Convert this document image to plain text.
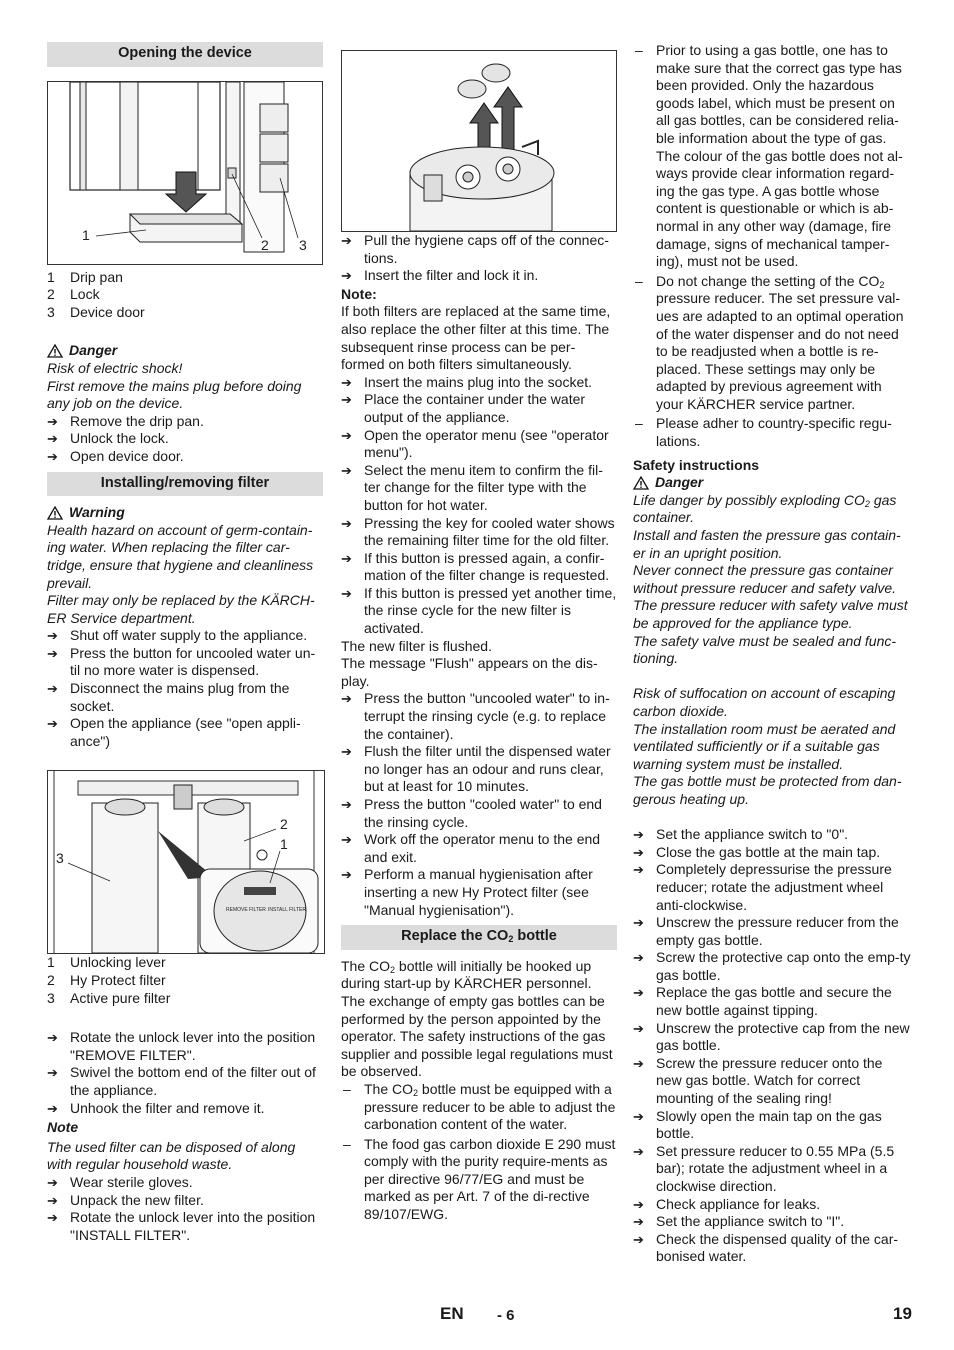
Opening the device
1
2 3
1	Drip pan
2	Lock
3	Device door
Danger
Risk of electric shock!
First remove the mains plug before doing any job on the device.
➔ Remove the drip pan.
➔ Unlock the lock.
➔ Open device door.
Installing/removing filter
Warning
Health hazard on account of germ-contain-ing water. When replacing the filter car-tridge, ensure that hygiene and cleanliness prevail.
Filter may only be replaced by the KÄRCH-ER Service department.
➔ Shut off water supply to the appliance.
➔ Press the button for uncooled water un-til no more water is dispensed.
➔ Disconnect the mains plug from the socket.
➔ Open the appliance (see "open appli-ance")
REMOVE FILTER INSTALL FILTER
3
2
1
1	Unlocking lever
2	Hy Protect filter
3	Active pure filter
➔ Rotate the unlock lever into the position "REMOVE FILTER".
➔ Swivel the bottom end of the filter out of the appliance.
➔ Unhook the filter and remove it.
Note
The used filter can be disposed of along with regular household waste.
➔ Wear sterile gloves.
➔ Unpack the new filter.
➔ Rotate the unlock lever into the position "INSTALL FILTER".
➔ Pull the hygiene caps off of the connec-tions.
➔ Insert the filter and lock it in.
Note:
If both filters are replaced at the same time, also replace the other filter at this time. The subsequent rinse process can be per-formed on both filters simultaneously.
➔ Insert the mains plug into the socket.
➔ Place the container under the water output of the appliance.
➔ Open the operator menu (see "operator menu").
➔ Select the menu item to confirm the fil-ter change for the filter type with the button for hot water.
➔ Pressing the key for cooled water shows the remaining filter time for the old filter.
➔ If this button is pressed again, a confir-mation of the filter change is requested.
➔ If this button is pressed yet another time, the rinse cycle for the new filter is activated.
The new filter is flushed.
The message "Flush" appears on the dis-play.
➔ Press the button "uncooled water" to in-terrupt the rinsing cycle (e.g. to replace the container).
➔ Flush the filter until the dispensed water no longer has an odour and runs clear, but at least for 10 minutes.
➔ Press the button "cooled water" to end the rinsing cycle.
➔ Work off the operator menu to the end and exit.
➔ Perform a manual hygienisation after inserting a new Hy Protect filter (see "Manual hygienisation").
Replace the $CO_2$ bottle
The $CO_2$ bottle will initially be hooked up during start-up by KÄRCHER personnel. The exchange of empty gas bottles can be performed by the person appointed by the operator. The safety instructions of the gas supplier and possible legal regulations must be observed.
– The $CO_2$ bottle must be equipped with a pressure reducer to be able to adjust the carbonation content of the water.
– The food gas carbon dioxide E 290 must comply with the purity require-ments as per directive 96/77/EG and must be marked as per Art. 7 of the di-rective 89/107/EWG.
– Prior to using a gas bottle, one has to make sure that the correct gas type has been provided. Only the hazardous goods label, which must be present on all gas bottles, can be considered relia-ble information about the type of gas. The colour of the gas bottle does not al-ways provide clear information regard-ing the gas type. A gas bottle whose content is questionable or which is ab-normal in any other way (damage, fire damage, signs of mechanical tamper-ing), must not be used.
– Do not change the setting of the $CO_2$ pressure reducer. The set pressure val-ues are adapted to an optimal operation of the water dispenser and do not need to be readjusted when a bottle is re-placed. These settings may only be adapted by previous agreement with your KÄRCHER service partner.
– Please adher to country-specific regu-lations.
Safety instructions
Danger
Life danger by possibly exploding $CO_2$ gas container.
Install and fasten the pressure gas contain-er in an upright position.
Never connect the pressure gas container without pressure reducer and safety valve.
The pressure reducer with safety valve must be approved for the appliance type.
The safety valve must be sealed and func-tioning.
Risk of suffocation on account of escaping carbon dioxide.
The installation room must be aerated and ventilated sufficiently or if a suitable gas warning system must be installed.
The gas bottle must be protected from dan-gerous heating up.
➔ Set the appliance switch to "0".
➔ Close the gas bottle at the main tap.
➔ Completely depressurise the pressure reducer; rotate the adjustment wheel anti-clockwise.
➔ Unscrew the pressure reducer from the empty gas bottle.
➔ Screw the protective cap onto the emp-ty gas bottle.
➔ Replace the gas bottle and secure the new bottle against tipping.
➔ Unscrew the protective cap from the new gas bottle.
➔ Screw the pressure reducer onto the new gas bottle. Watch for correct mounting of the sealing ring!
➔ Slowly open the main tap on the gas bottle.
➔ Set pressure reducer to 0.55 MPa (5.5 bar); rotate the adjustment wheel in a clockwise direction.
➔ Check appliance for leaks.
➔ Set the appliance switch to "I".
➔ Check the dispensed quality of the car-bonised water.
EN - 6	19
